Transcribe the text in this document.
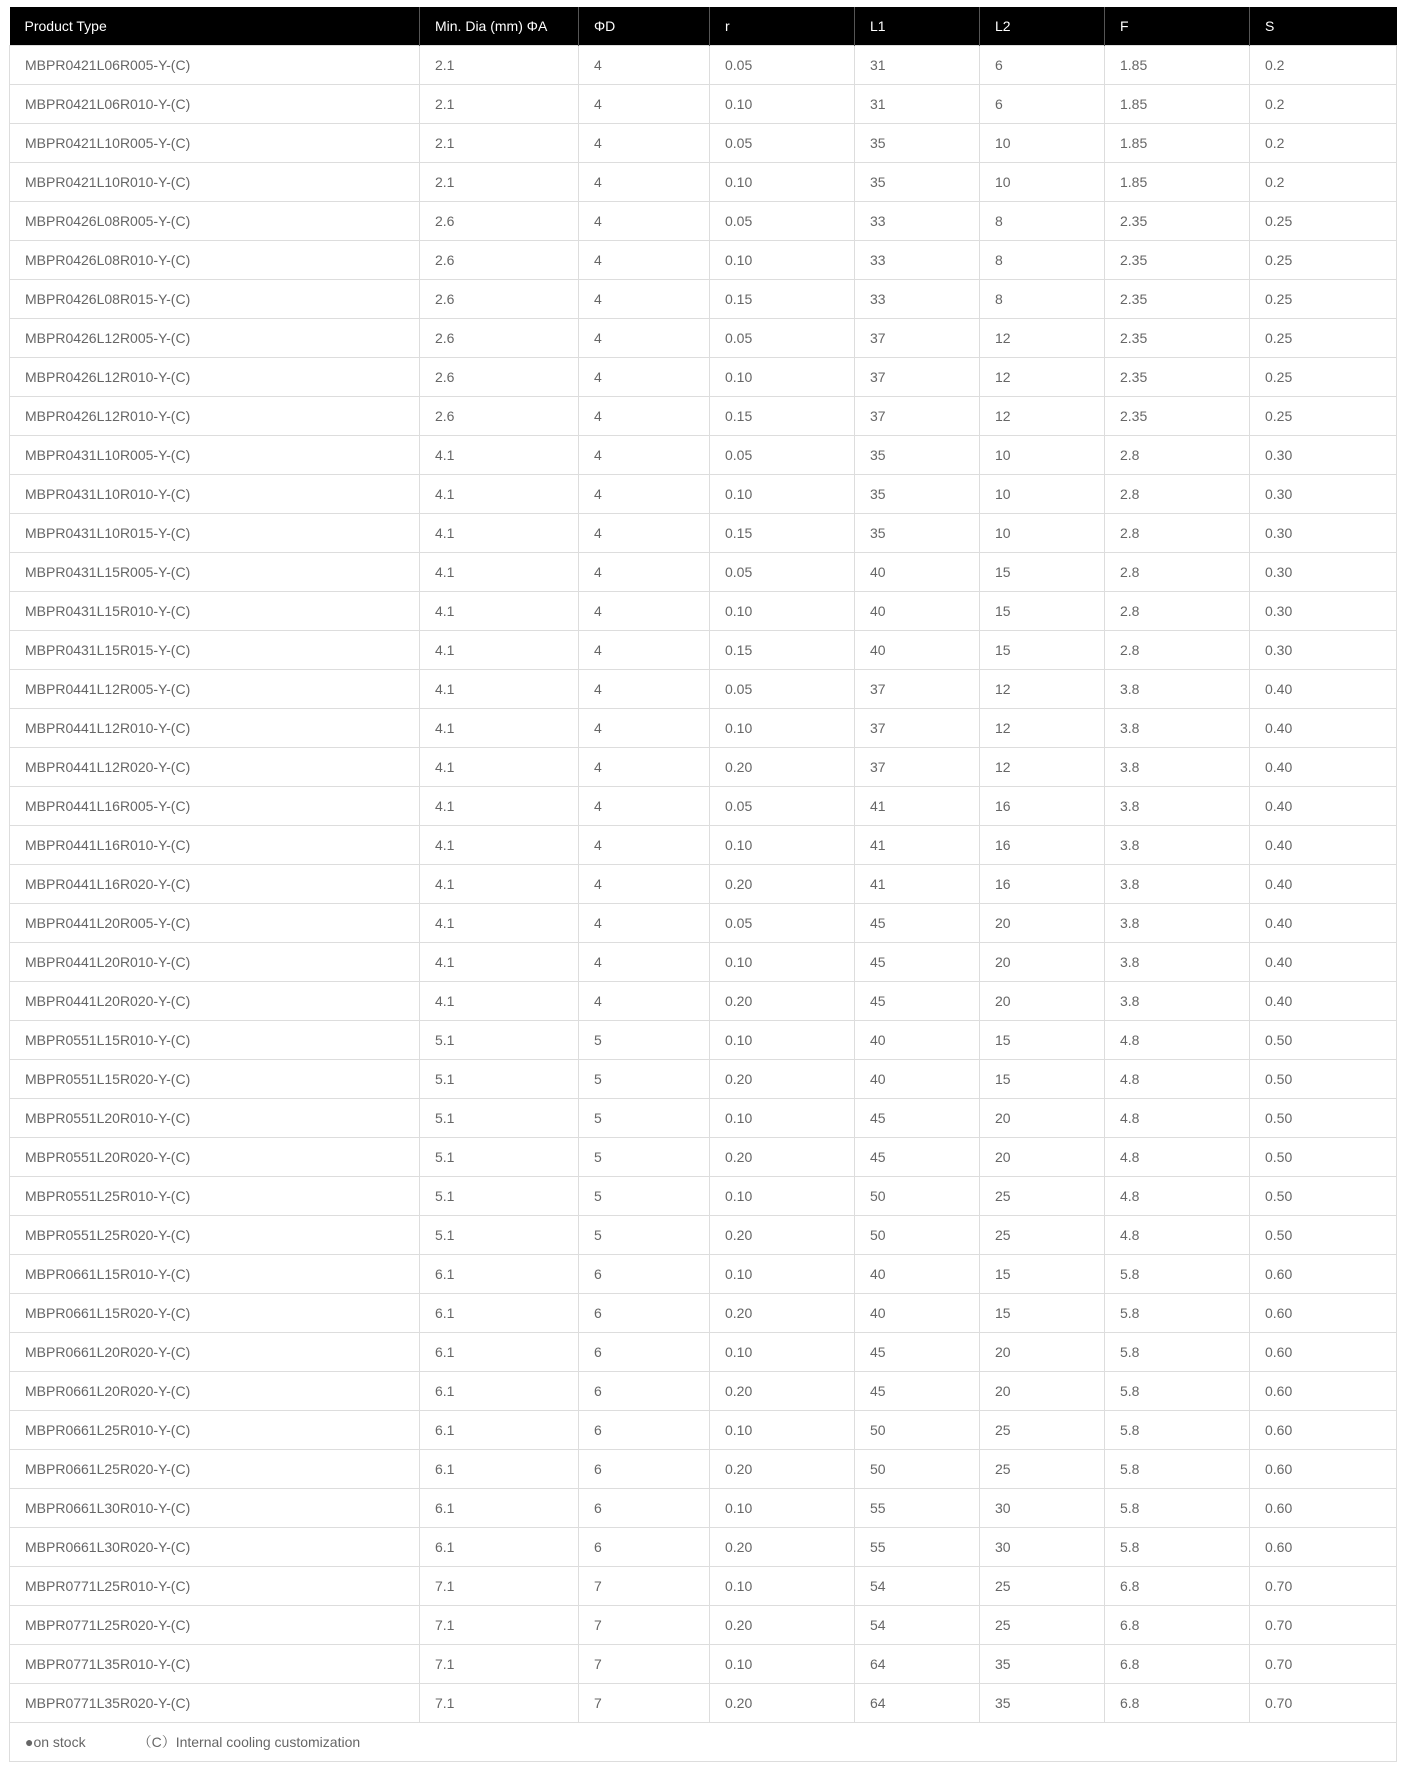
Product Type	Min. Dia (mm) ΦA	ΦD	r	L1	L2	F	S
MBPR0421L06R005-Y-(C)	2.1	4	0.05	31	6	1.85	0.2
MBPR0421L06R010-Y-(C)	2.1	4	0.10	31	6	1.85	0.2
MBPR0421L10R005-Y-(C)	2.1	4	0.05	35	10	1.85	0.2
MBPR0421L10R010-Y-(C)	2.1	4	0.10	35	10	1.85	0.2
MBPR0426L08R005-Y-(C)	2.6	4	0.05	33	8	2.35	0.25
MBPR0426L08R010-Y-(C)	2.6	4	0.10	33	8	2.35	0.25
MBPR0426L08R015-Y-(C)	2.6	4	0.15	33	8	2.35	0.25
MBPR0426L12R005-Y-(C)	2.6	4	0.05	37	12	2.35	0.25
MBPR0426L12R010-Y-(C)	2.6	4	0.10	37	12	2.35	0.25
MBPR0426L12R010-Y-(C)	2.6	4	0.15	37	12	2.35	0.25
MBPR0431L10R005-Y-(C)	4.1	4	0.05	35	10	2.8	0.30
MBPR0431L10R010-Y-(C)	4.1	4	0.10	35	10	2.8	0.30
MBPR0431L10R015-Y-(C)	4.1	4	0.15	35	10	2.8	0.30
MBPR0431L15R005-Y-(C)	4.1	4	0.05	40	15	2.8	0.30
MBPR0431L15R010-Y-(C)	4.1	4	0.10	40	15	2.8	0.30
MBPR0431L15R015-Y-(C)	4.1	4	0.15	40	15	2.8	0.30
MBPR0441L12R005-Y-(C)	4.1	4	0.05	37	12	3.8	0.40
MBPR0441L12R010-Y-(C)	4.1	4	0.10	37	12	3.8	0.40
MBPR0441L12R020-Y-(C)	4.1	4	0.20	37	12	3.8	0.40
MBPR0441L16R005-Y-(C)	4.1	4	0.05	41	16	3.8	0.40
MBPR0441L16R010-Y-(C)	4.1	4	0.10	41	16	3.8	0.40
MBPR0441L16R020-Y-(C)	4.1	4	0.20	41	16	3.8	0.40
MBPR0441L20R005-Y-(C)	4.1	4	0.05	45	20	3.8	0.40
MBPR0441L20R010-Y-(C)	4.1	4	0.10	45	20	3.8	0.40
MBPR0441L20R020-Y-(C)	4.1	4	0.20	45	20	3.8	0.40
MBPR0551L15R010-Y-(C)	5.1	5	0.10	40	15	4.8	0.50
MBPR0551L15R020-Y-(C)	5.1	5	0.20	40	15	4.8	0.50
MBPR0551L20R010-Y-(C)	5.1	5	0.10	45	20	4.8	0.50
MBPR0551L20R020-Y-(C)	5.1	5	0.20	45	20	4.8	0.50
MBPR0551L25R010-Y-(C)	5.1	5	0.10	50	25	4.8	0.50
MBPR0551L25R020-Y-(C)	5.1	5	0.20	50	25	4.8	0.50
MBPR0661L15R010-Y-(C)	6.1	6	0.10	40	15	5.8	0.60
MBPR0661L15R020-Y-(C)	6.1	6	0.20	40	15	5.8	0.60
MBPR0661L20R020-Y-(C)	6.1	6	0.10	45	20	5.8	0.60
MBPR0661L20R020-Y-(C)	6.1	6	0.20	45	20	5.8	0.60
MBPR0661L25R010-Y-(C)	6.1	6	0.10	50	25	5.8	0.60
MBPR0661L25R020-Y-(C)	6.1	6	0.20	50	25	5.8	0.60
MBPR0661L30R010-Y-(C)	6.1	6	0.10	55	30	5.8	0.60
MBPR0661L30R020-Y-(C)	6.1	6	0.20	55	30	5.8	0.60
MBPR0771L25R010-Y-(C)	7.1	7	0.10	54	25	6.8	0.70
MBPR0771L25R020-Y-(C)	7.1	7	0.20	54	25	6.8	0.70
MBPR0771L35R010-Y-(C)	7.1	7	0.10	64	35	6.8	0.70
MBPR0771L35R020-Y-(C)	7.1	7	0.20	64	35	6.8	0.70
●on stock （C）Internal cooling customization							
